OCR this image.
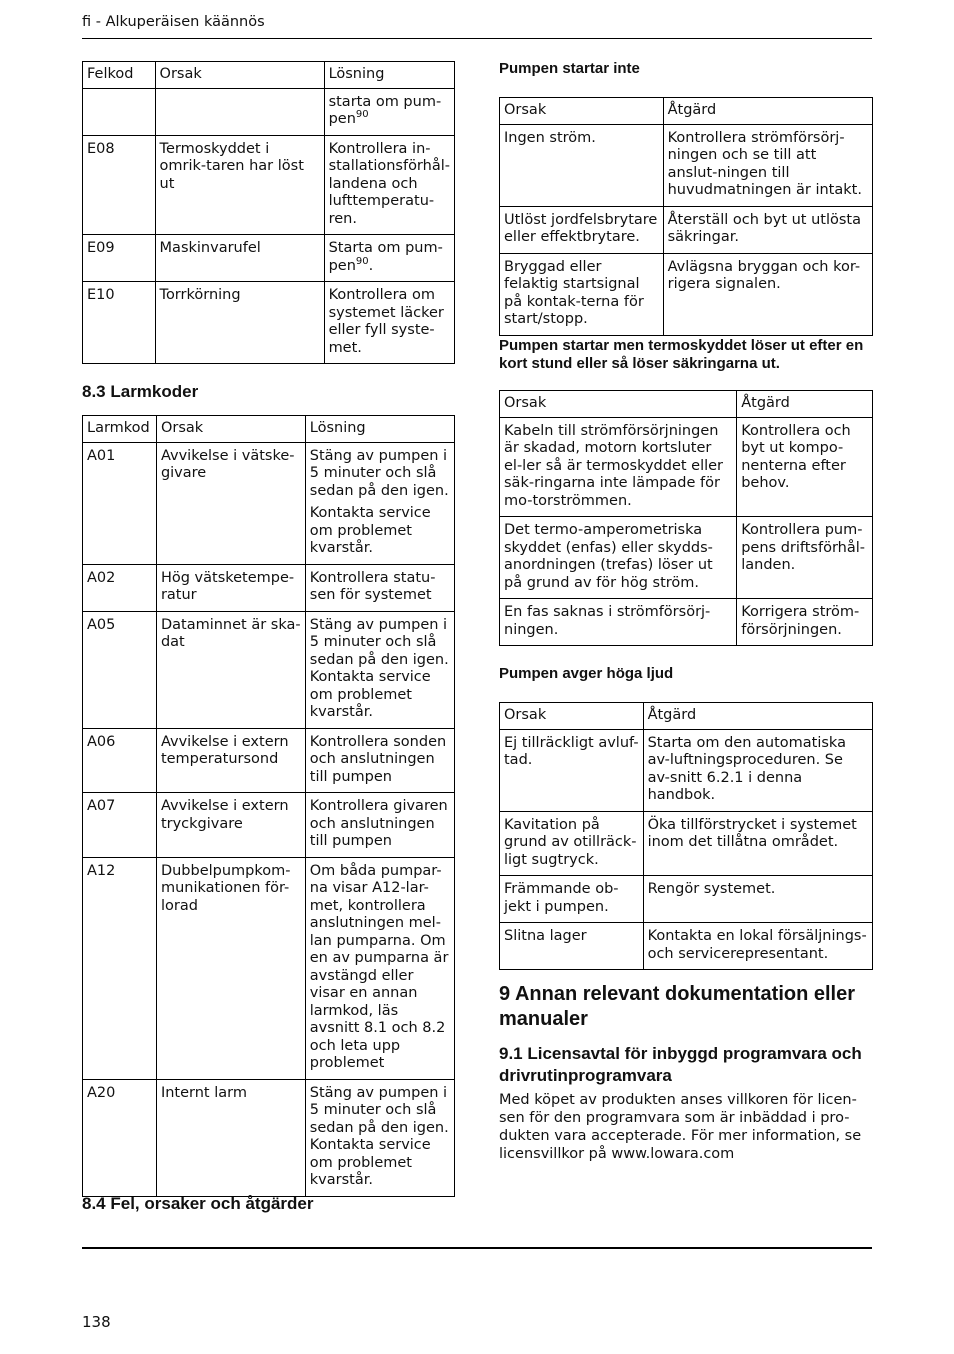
fi - Alkuperäisen käännös
Felkod	Orsak	Lösning
		starta om pum-pen$^{90}$
E08	Termoskyddet i omrik-taren har löst ut	Kontrollera in-stallationsförhål-landena och lufttemperatu-ren.
E09	Maskinvarufel	Starta om pum-pen$^{90}$.
E10	Torrkörning	Kontrollera om systemet läcker eller fyll syste-met.
8.3 Larmkoder
Larmkod	Orsak	Lösning
A01	Avvikelse i vätske-givare	Stäng av pumpen i 5 minuter och slå sedan på den igen.

Kontakta service om problemet kvarstår.

A02	Hög vätsketempe-ratur	Kontrollera statu-sen för systemet

A05	Dataminnet är ska-dat	Stäng av pumpen i 5 minuter och slå sedan på den igen. Kontakta service om problemet kvarstår.

A06	Avvikelse i extern temperatursond	Kontrollera sonden och anslutningen till pumpen

A07	Avvikelse i extern tryckgivare	Kontrollera givaren och anslutningen till pumpen

A12	Dubbelpumpkom-munikationen för-lorad	Om båda pumpar-na visar A12-lar-met, kontrollera anslutningen mel-lan pumparna. Om en av pumparna är avstängd eller visar en annan larmkod, läs avsnitt 8.1 och 8.2 och leta upp problemet

A20	Internt larm	Stäng av pumpen i 5 minuter och slå sedan på den igen. Kontakta service om problemet kvarstår.

8.4 Fel, orsaker och åtgärder
Pumpen startar inte
Orsak	Åtgärd
Ingen ström.	Kontrollera strömförsörj-ningen och se till att anslut-ningen till huvudmatningen är intakt.
Utlöst jordfelsbrytare eller effektbrytare.	Återställ och byt ut utlösta säkringar.
Bryggad eller felaktig startsignal på kontak-terna för start/stopp.	Avlägsna bryggan och kor-rigera signalen.
Pumpen startar men termoskyddet löser ut efter en kort stund eller så löser säkringarna ut.
Orsak	Åtgärd
Kabeln till strömförsörjningen är skadad, motorn kortsluter el-ler så är termoskyddet eller säk-ringarna inte lämpade för mo-torströmmen.	Kontrollera och byt ut kompo-nenterna efter behov.
Det termo-amperometriska skyddet (enfas) eller skydds-anordningen (trefas) löser ut på grund av för hög ström.	Kontrollera pum-pens driftsförhål-landen.
En fas saknas i strömförsörj-ningen.	Korrigera ström-försörjningen.
Pumpen avger höga ljud
Orsak	Åtgärd
Ej tillräckligt avluf-tad.	Starta om den automatiska av-luftningsproceduren. Se av-snitt 6.2.1 i denna handbok.
Kavitation på grund av otillräck-ligt sugtryck.	Öka tillförstrycket i systemet inom det tillåtna området.
Främmande ob-jekt i pumpen.	Rengör systemet.
Slitna lager	Kontakta en lokal försäljnings- och servicerepresentant.
9 Annan relevant dokumentation eller manualer
9.1 Licensavtal för inbyggd programvara och drivrutinprogramvara
Med köpet av produkten anses villkoren för licen-sen för den programvara som är inbäddad i pro-dukten vara accepterade. För mer information, se licensvillkor på www.lowara.com
138
